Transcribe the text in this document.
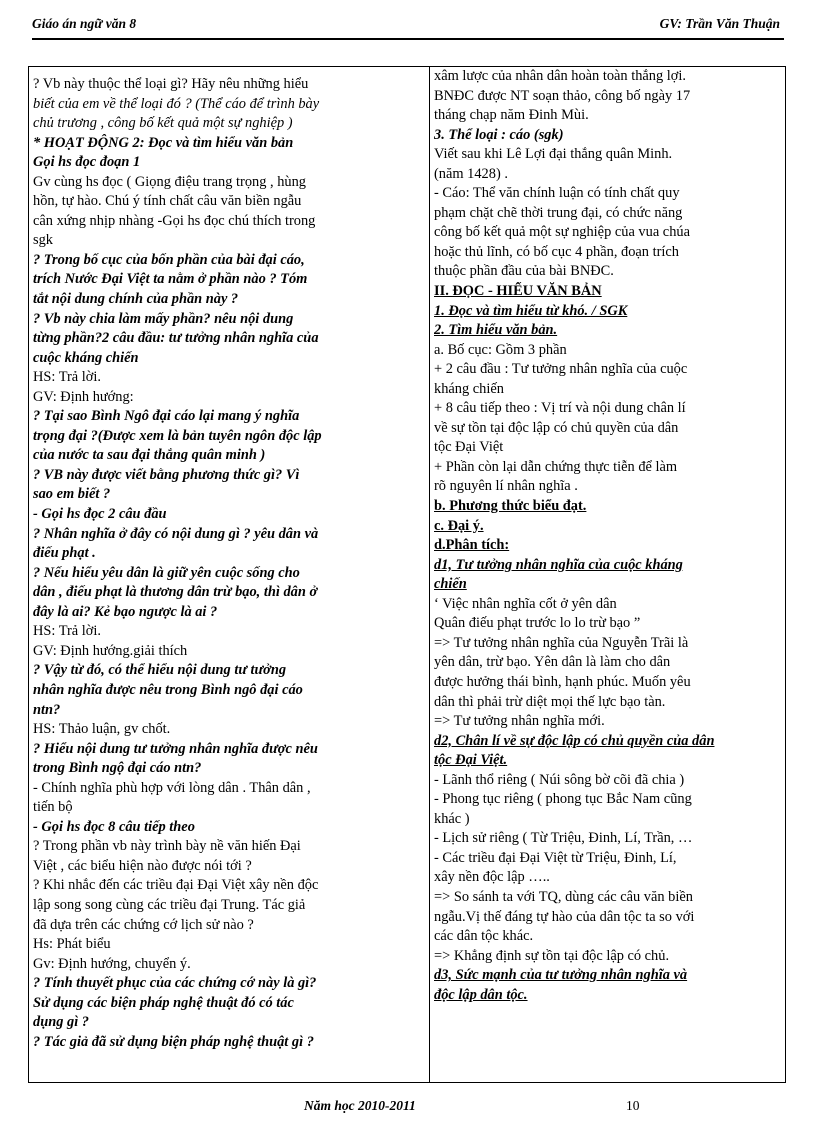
Giáo án ngữ văn 8	GV: Trần Văn Thuận
? Vb này thuộc thể loại gì? Hãy nêu những hiểu
biết của em về thể loại đó ? (Thể cáo để trình bày
chủ trương , công bố kết quả một sự nghiệp )
* HOẠT ĐỘNG 2: Đọc và tìm hiểu văn bản
Gọi hs đọc đoạn 1
Gv cùng hs đọc ( Giọng điệu trang trọng , hùng
hồn, tự hào. Chú ý tính chất câu văn biền ngẫu
cân xứng nhịp nhàng -Gọi hs đọc chú thích trong
sgk
? Trong bố cục của bốn phần của bài đại cáo,
trích Nước Đại Việt ta nằm ở phần nào ? Tóm
tắt nội dung chính của phần này ?
? Vb này chia làm mấy phần? nêu nội dung
từng phần?2 câu đầu: tư tưởng nhân nghĩa của
cuộc kháng chiến
HS: Trả lời.
GV: Định hướng:
? Tại sao Bình Ngô đại cáo lại mang ý nghĩa
trọng đại ?(Được xem là bản tuyên ngôn độc lập
của nước ta sau đại thắng quân minh )
? VB này được viết bằng phương thức gì? Vì
sao em biết ?
- Gọi hs đọc 2 câu đầu
? Nhân nghĩa ở đây có nội dung gì ? yêu dân và
điếu phạt .
? Nếu hiểu yêu dân là giữ yên cuộc sống cho
dân , điếu phạt là thương dân trừ bạo, thì dân ở
đây là ai? Kẻ bạo ngược là ai ?
HS: Trả lời.
GV: Định hướng.giải thích
? Vậy từ đó, có thể hiểu nội dung tư tưởng
nhân nghĩa được nêu trong Bình ngô đại cáo
ntn?
HS: Thảo luận, gv chốt.
? Hiểu nội dung tư tưởng nhân nghĩa được nêu
trong Bình ngộ đại cáo ntn?
- Chính nghĩa phù hợp với lòng dân . Thân dân ,
tiến bộ
- Gọi hs đọc 8 câu tiếp theo
? Trong phần vb này trình bày nề văn hiến Đại
Việt , các biểu hiện nào được nói tới ?
? Khi nhắc đến các triều đại Đại Việt xây nền độc
lập song song cùng các triều đại Trung. Tác giả
đã dựa trên các chứng cớ lịch sử nào ?
Hs: Phát biểu
Gv: Định hướng, chuyển ý.
? Tính thuyết phục của các chứng cớ này là gì?
Sử dụng các biện pháp nghệ thuật đó có tác
dụng gì ?
? Tác giả đã sử dụng biện pháp nghệ thuật gì ?
xâm lược của nhân dân hoàn toàn thắng lợi.
BNĐC được NT soạn thảo, công bố ngày 17
tháng chạp năm Đinh Mùi.
3. Thể loại : cáo (sgk)
Viết sau khi Lê Lợi đại thắng quân Minh.
(năm 1428) .
- Cáo: Thể văn chính luận có tính chất quy
phạm chặt chẽ thời trung đại, có chức năng
công bố kết quả một sự nghiệp của vua chúa
hoặc thủ lĩnh, có bố cục 4 phần, đoạn trích
thuộc phần đầu của bài BNĐC.
II. ĐỌC - HIỂU VĂN BẢN
1. Đọc và tìm hiểu từ khó. / SGK
2. Tìm hiểu văn bản.
a. Bố cục: Gồm 3 phần
+ 2 câu đầu : Tư tưởng nhân nghĩa của cuộc
kháng chiến
+ 8 câu tiếp theo : Vị trí và nội dung chân lí
về sự tồn tại độc lập có chủ quyền của dân
tộc Đại Việt
+ Phần còn lại dẫn chứng thực tiễn để làm
rõ nguyên lí nhân nghĩa .
b. Phương thức biểu đạt.
c. Đại ý.
d.Phân tích:
d1, Tư tưởng nhân nghĩa của cuộc kháng
chiến
‘ Việc nhân nghĩa cốt ở yên dân
Quân điếu phạt trước lo lo trừ bạo ”
=> Tư tưởng nhân nghĩa của Nguyễn Trãi là
yên dân, trừ bạo. Yên dân là làm cho dân
được hưởng thái bình, hạnh phúc. Muốn yêu
dân thì phải trừ diệt mọi thế lực bạo tàn.
=> Tư tưởng nhân nghĩa mới.
d2, Chân lí về sự độc lập có chủ quyền của dân
tộc Đại Việt.
- Lãnh thổ riêng ( Núi sông bờ cõi đã chia )
- Phong tục riêng ( phong tục Bắc Nam cũng
khác )
- Lịch sử riêng ( Từ Triệu, Đinh, Lí, Trần, …
- Các triều đại Đại Việt từ Triệu, Đinh, Lí,
xây nền độc lập …..
=> So sánh ta với TQ, dùng các câu văn biền
ngẫu.Vị thế đáng tự hào của dân tộc ta so với
các dân tộc khác.
=> Khẳng định sự tồn tại độc lập có chủ.
d3, Sức mạnh của tư tưởng nhân nghĩa và
độc lập dân tộc.
Năm học 2010-2011	10
